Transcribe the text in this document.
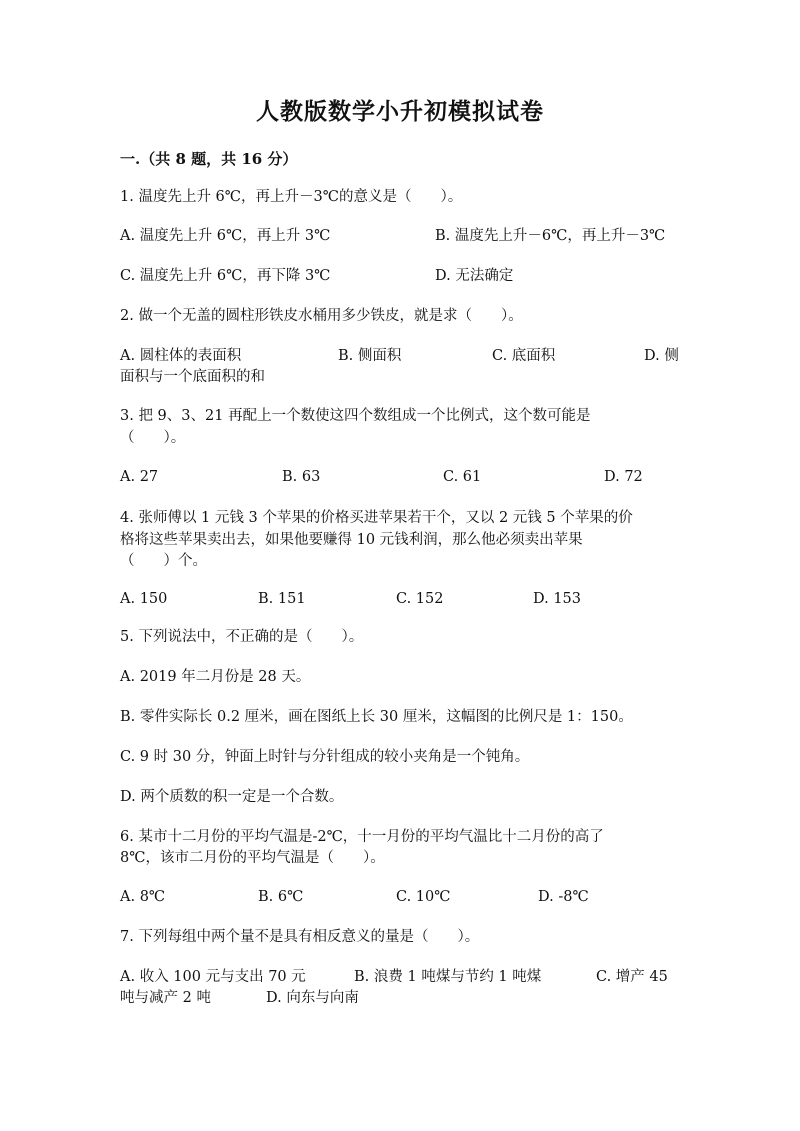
人教版数学小升初模拟试卷
一.（共 8 题，共 16 分）
1. 温度先上升 6℃，再上升－3℃的意义是（　　）。
A. 温度先上升 6℃，再上升 3℃	B. 温度先上升－6℃，再上升－3℃
C. 温度先上升 6℃，再下降 3℃	D. 无法确定
2. 做一个无盖的圆柱形铁皮水桶用多少铁皮，就是求（　　）。
A. 圆柱体的表面积	B. 侧面积	C. 底面积	D. 侧
面积与一个底面积的和
3. 把 9、3、21 再配上一个数使这四个数组成一个比例式，这个数可能是
（　　）。
A. 27	B. 63	C. 61	D. 72
4. 张师傅以 1 元钱 3 个苹果的价格买进苹果若干个，又以 2 元钱 5 个苹果的价
格将这些苹果卖出去，如果他要赚得 10 元钱利润，那么他必须卖出苹果
（　　）个。
A. 150	B. 151	C. 152	D. 153
5. 下列说法中，不正确的是（　　）。
A. 2019 年二月份是 28 天。
B. 零件实际长 0.2 厘米，画在图纸上长 30 厘米，这幅图的比例尺是 1：150。
C. 9 时 30 分，钟面上时针与分针组成的较小夹角是一个钝角。
D. 两个质数的积一定是一个合数。
6. 某市十二月份的平均气温是-2℃，十一月份的平均气温比十二月份的高了
8℃，该市二月份的平均气温是（　　）。
A. 8℃	B. 6℃	C. 10℃	D. -8℃
7. 下列每组中两个量不是具有相反意义的量是（　　）。
A. 收入 100 元与支出 70 元	B. 浪费 1 吨煤与节约 1 吨煤	C. 增产 45
吨与减产 2 吨	D. 向东与向南
